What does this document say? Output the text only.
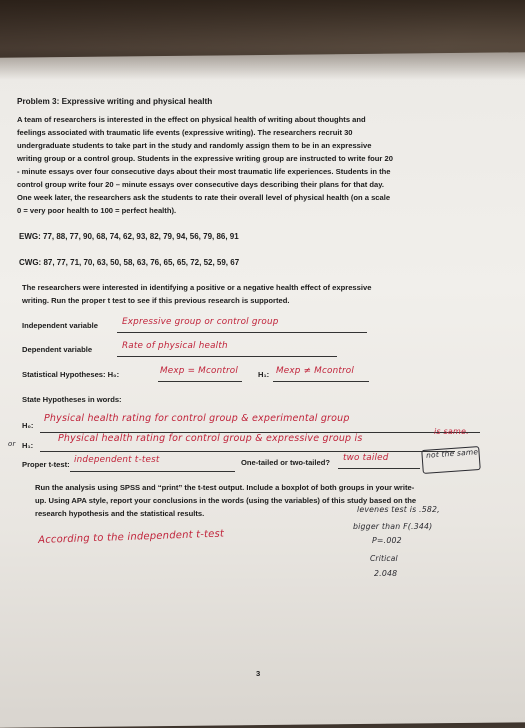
Problem 3: Expressive writing and physical health
A team of researchers is interested in the effect on physical health of writing about thoughts and
feelings associated with traumatic life events (expressive writing). The researchers recruit 30
undergraduate students to take part in the study and randomly assign them to be in an expressive
writing group or a control group. Students in the expressive writing group are instructed to write four 20
- minute essays over four consecutive days about their most traumatic life experiences. Students in the
control group write four 20 – minute essays over consecutive days describing their plans for that day.
One week later, the researchers ask the students to rate their overall level of physical health (on a scale
0 = very poor health to 100 = perfect health).
EWG: 77, 88, 77, 90, 68, 74, 62, 93, 82, 79, 94, 56, 79, 86, 91
CWG: 87, 77, 71, 70, 63, 50, 58, 63, 76, 65, 65, 72, 52, 59, 67
The researchers were interested in identifying a positive or a negative health effect of expressive
writing. Run the proper t test to see if this previous research is supported.
Independent variable	Expressive group or control group
Dependent variable	Rate of physical health
Statistical Hypotheses: H₀:	Mexp = Mcontrol	H₁: Mexp ≠ Mcontrol
State Hypotheses in words:
H₀:
Physical health rating for control group & experimental group
is same.
or H₁:
Physical health rating for control group & expressive group is
not the same
Proper t-test: independent t-test	One-tailed or two-tailed? two tailed
Run the analysis using SPSS and “print” the t-test output. Include a boxplot of both groups in your write-
up. Using APA style, report your conclusions in the words (using the variables) of this study based on the
research hypothesis and the statistical results.	levenes test is .582,
bigger than F(.344)
P=.002
Critical
2.048
According to the independent t-test
3
